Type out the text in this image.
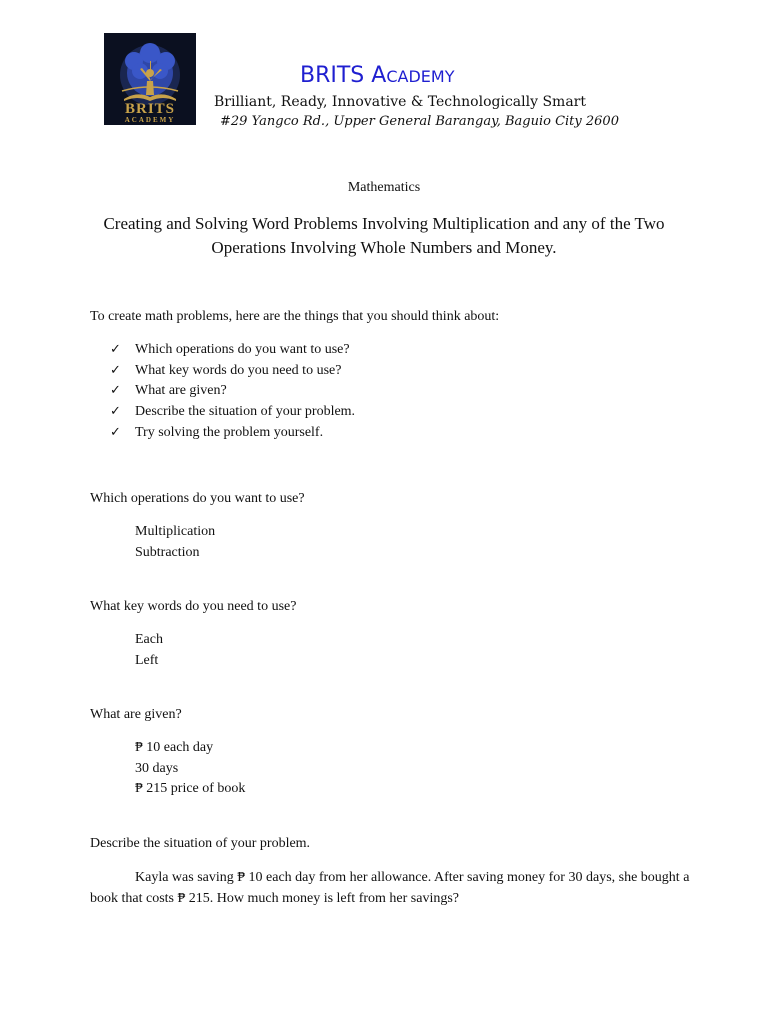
BRITS
ACADEMY
BRITS ACADEMY
Brilliant, Ready, Innovative & Technologically Smart
#29 Yangco Rd., Upper General Barangay, Baguio City 2600
Mathematics
Creating and Solving Word Problems Involving Multiplication and any of the Two Operations Involving Whole Numbers and Money.
To create math problems, here are the things that you should think about:
✓	Which operations do you want to use?
✓	What key words do you need to use?
✓	What are given?
✓	Describe the situation of your problem.
✓	Try solving the problem yourself.
Which operations do you want to use?
Multiplication
Subtraction
What key words do you need to use?
Each
Left
What are given?
₱ 10 each day
30 days
₱ 215 price of book
Describe the situation of your problem.

Kayla was saving ₱ 10 each day from her allowance. After saving money for 30 days, she bought a book that costs ₱ 215. How much money is left from her savings?
